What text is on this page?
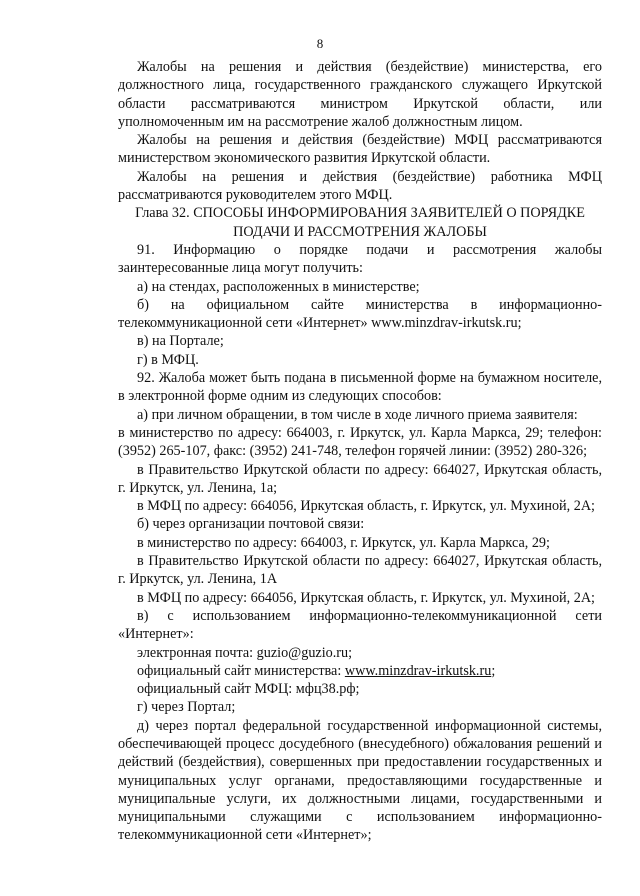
8

Жалобы на решения и действия (бездействие) министерства, его должностного лица, государственного гражданского служащего Иркутской области рассматриваются министром Иркутской области, или уполномоченным им на рассмотрение жалоб должностным лицом.

Жалобы на решения и действия (бездействие) МФЦ рассматриваются министерством экономического развития Иркутской области.

Жалобы на решения и действия (бездействие) работника МФЦ рассматриваются руководителем этого МФЦ.

Глава 32. СПОСОБЫ ИНФОРМИРОВАНИЯ ЗАЯВИТЕЛЕЙ О ПОРЯДКЕ

ПОДАЧИ И РАССМОТРЕНИЯ ЖАЛОБЫ

91. Информацию о порядке подачи и рассмотрения жалобы заинтересованные лица могут получить:

а) на стендах, расположенных в министерстве;

б) на официальном сайте министерства в информационно-телекоммуникационной сети «Интернет» www.minzdrav-irkutsk.ru;

в) на Портале;

г) в МФЦ.

92. Жалоба может быть подана в письменной форме на бумажном носителе, в электронной форме одним из следующих способов:

а) при личном обращении, в том числе в ходе личного приема заявителя:

в министерство по адресу: 664003, г. Иркутск, ул. Карла Маркса, 29; телефон: (3952) 265-107, факс: (3952) 241-748, телефон горячей линии: (3952) 280-326;

в Правительство Иркутской области по адресу: 664027, Иркутская область, г. Иркутск, ул. Ленина, 1а;

в МФЦ по адресу: 664056, Иркутская область, г. Иркутск, ул. Мухиной, 2А;

б) через организации почтовой связи:

в министерство по адресу: 664003, г. Иркутск, ул. Карла Маркса, 29;

в Правительство Иркутской области по адресу: 664027, Иркутская область, г. Иркутск, ул. Ленина, 1А

в МФЦ по адресу: 664056, Иркутская область, г. Иркутск, ул. Мухиной, 2А;

в) с использованием информационно-телекоммуникационной сети «Интернет»:

электронная почта: guzio@guzio.ru;

официальный сайт министерства: www.minzdrav-irkutsk.ru;

официальный сайт МФЦ: мфц38.рф;

г) через Портал;

д) через портал федеральной государственной информационной системы, обеспечивающей процесс досудебного (внесудебного) обжалования решений и действий (бездействия), совершенных при предоставлении государственных и муниципальных услуг органами, предоставляющими государственные и муниципальные услуги, их должностными лицами, государственными и муниципальными служащими с использованием информационно-телекоммуникационной сети «Интернет»;
